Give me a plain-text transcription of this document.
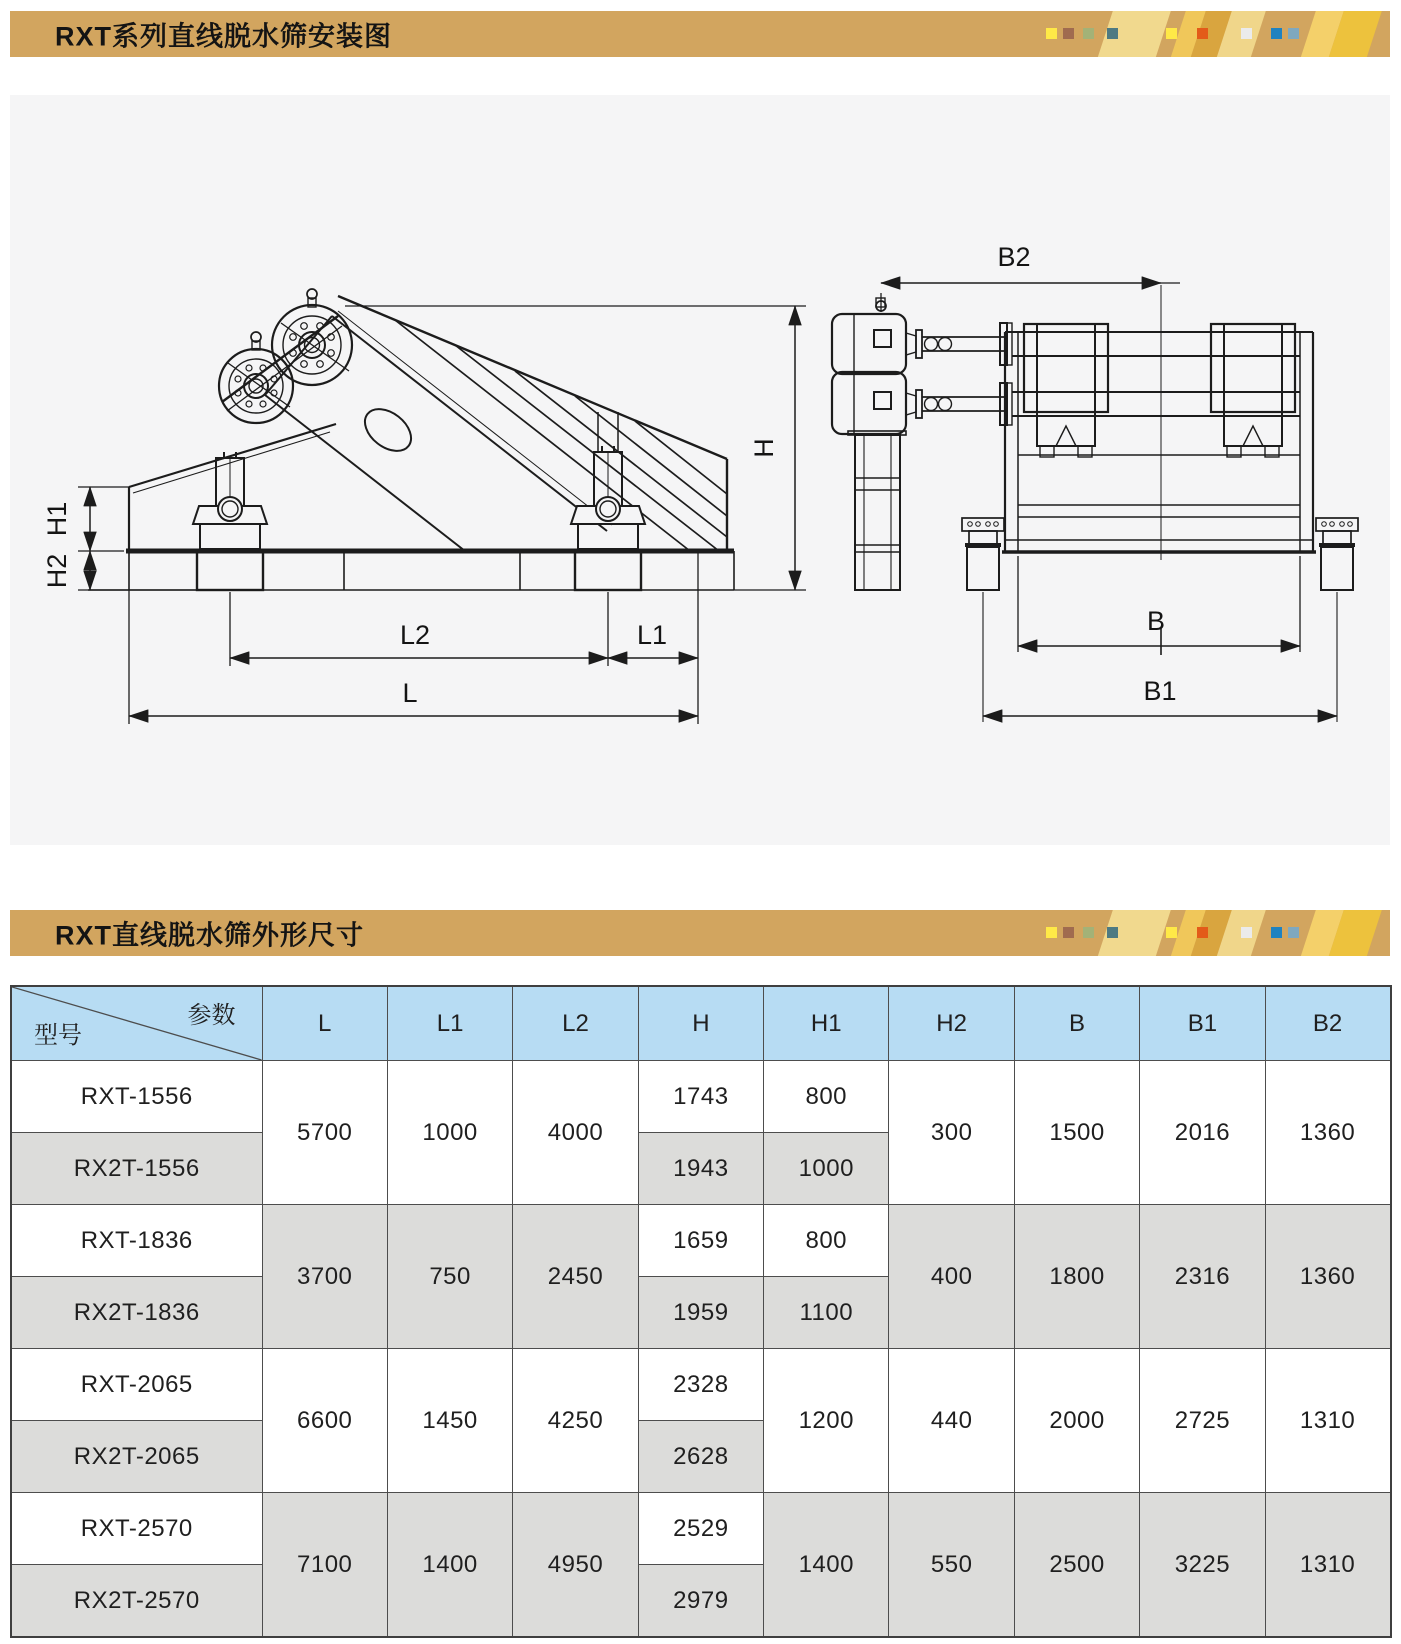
RXT系列直线脱水筛安装图
H1
H2
H
L2	L1
L
B2
B
B1
RXT直线脱水筛外形尺寸
参数
型号	L	L1	L2	H	H1	H2	B	B1	B2
RXT-1556	5700	1000	4000	1743	800	300	1500	2016	1360
RX2T-1556				1943	1000				
RXT-1836	3700	750	2450	1659	800	400	1800	2316	1360
RX2T-1836				1959	1100				
RXT-2065	6600	1450	4250	2328	1200	440	2000	2725	1310
RX2T-2065				2628					
RXT-2570	7100	1400	4950	2529	1400	550	2500	3225	1310
RX2T-2570				2979					
